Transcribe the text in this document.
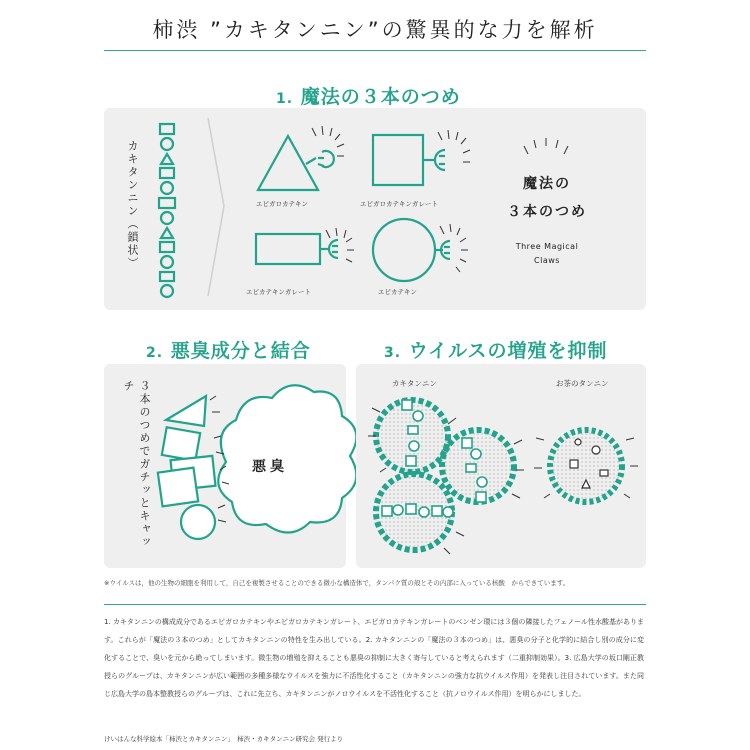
柿渋 ”カキタンニン”の驚異的な力を解析
1. 魔法の３本のつめ
カキタンニン（鎖状）	エピガロカテキン	エピガロカテキンガレート
エピカテキンガレート	エピカテキン
魔法の
３本のつめ
Three Magical
Claws
2. 悪臭成分と結合	3. ウイルスの増殖を抑制
３本のつめでガチッとキャッチ
悪臭
カキタンニン	お茶のタンニン
※ウイルスは，他の生物の細胞を利用して，自己を複製させることのできる微小な構造体で，タンパク質の殻とその内部に入っている核酸　からできています。
1. カキタンニンの構成成分であるエピガロカテキンやエピガロカテキンガレート、エピガロカテキンガレートのベンゼン環には３個の隣接したフェノール性水酸基があります。これらが「魔法の３本のつめ」としてカキタンニンの特性を生み出している。2. カキタンニンの「魔法の３本のつめ」は、悪臭の分子と化学的に結合し別の成分に変化することで、臭いを元から絶ってしまいます。微生物の増殖を抑えることも悪臭の抑制に大きく寄与していると考えられます（二重抑制効果）。3. 広島大学の坂口剛正教授らのグループは、カキタンニンが広い範囲の多種多様なウイルスを強力に不活性化すること（カキタンニンの強力な抗ウイルス作用）を発表し注目されています。また同じ広島大学の島本整教授らのグループは、これに先立ち、カキタンニンがノロウイルスを不活性化すること（抗ノロウイルス作用）を明らかにしました。
けいはんな科学絵本「柿渋とカキタンニン」　柿渋・カキタンニン研究会 発行より
